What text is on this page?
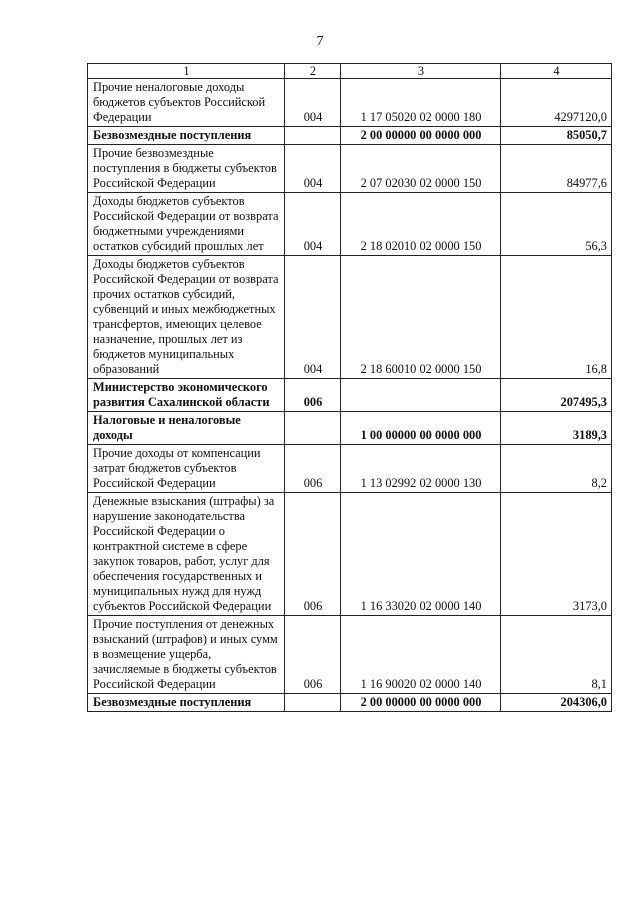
7
1	2	3	4
Прочие неналоговые доходы бюджетов субъектов Российской Федерации	004	1 17 05020 02 0000 180	4297120,0
Безвозмездные поступления		2 00 00000 00 0000 000	85050,7
Прочие безвозмездные поступления в бюджеты субъектов Российской Федерации	004	2 07 02030 02 0000 150	84977,6
Доходы бюджетов субъектов Российской Федерации от возврата бюджетными учреждениями остатков субсидий прошлых лет	004	2 18 02010 02 0000 150	56,3
Доходы бюджетов субъектов Российской Федерации от возврата прочих остатков субсидий, субвенций и иных межбюджетных трансфертов, имеющих целевое назначение, прошлых лет из бюджетов муниципальных образований	004	2 18 60010 02 0000 150	16,8
Министерство экономического развития Сахалинской области	006		207495,3
Налоговые и неналоговые доходы		1 00 00000 00 0000 000	3189,3
Прочие доходы от компенсации затрат бюджетов субъектов Российской Федерации	006	1 13 02992 02 0000 130	8,2
Денежные взыскания (штрафы) за нарушение законодательства Российской Федерации о контрактной системе в сфере закупок товаров, работ, услуг для обеспечения государственных и муниципальных нужд для нужд субъектов Российской Федерации	006	1 16 33020 02 0000 140	3173,0
Прочие поступления от денежных взысканий (штрафов) и иных сумм в возмещение ущерба, зачисляемые в бюджеты субъектов Российской Федерации	006	1 16 90020 02 0000 140	8,1
Безвозмездные поступления		2 00 00000 00 0000 000	204306,0
